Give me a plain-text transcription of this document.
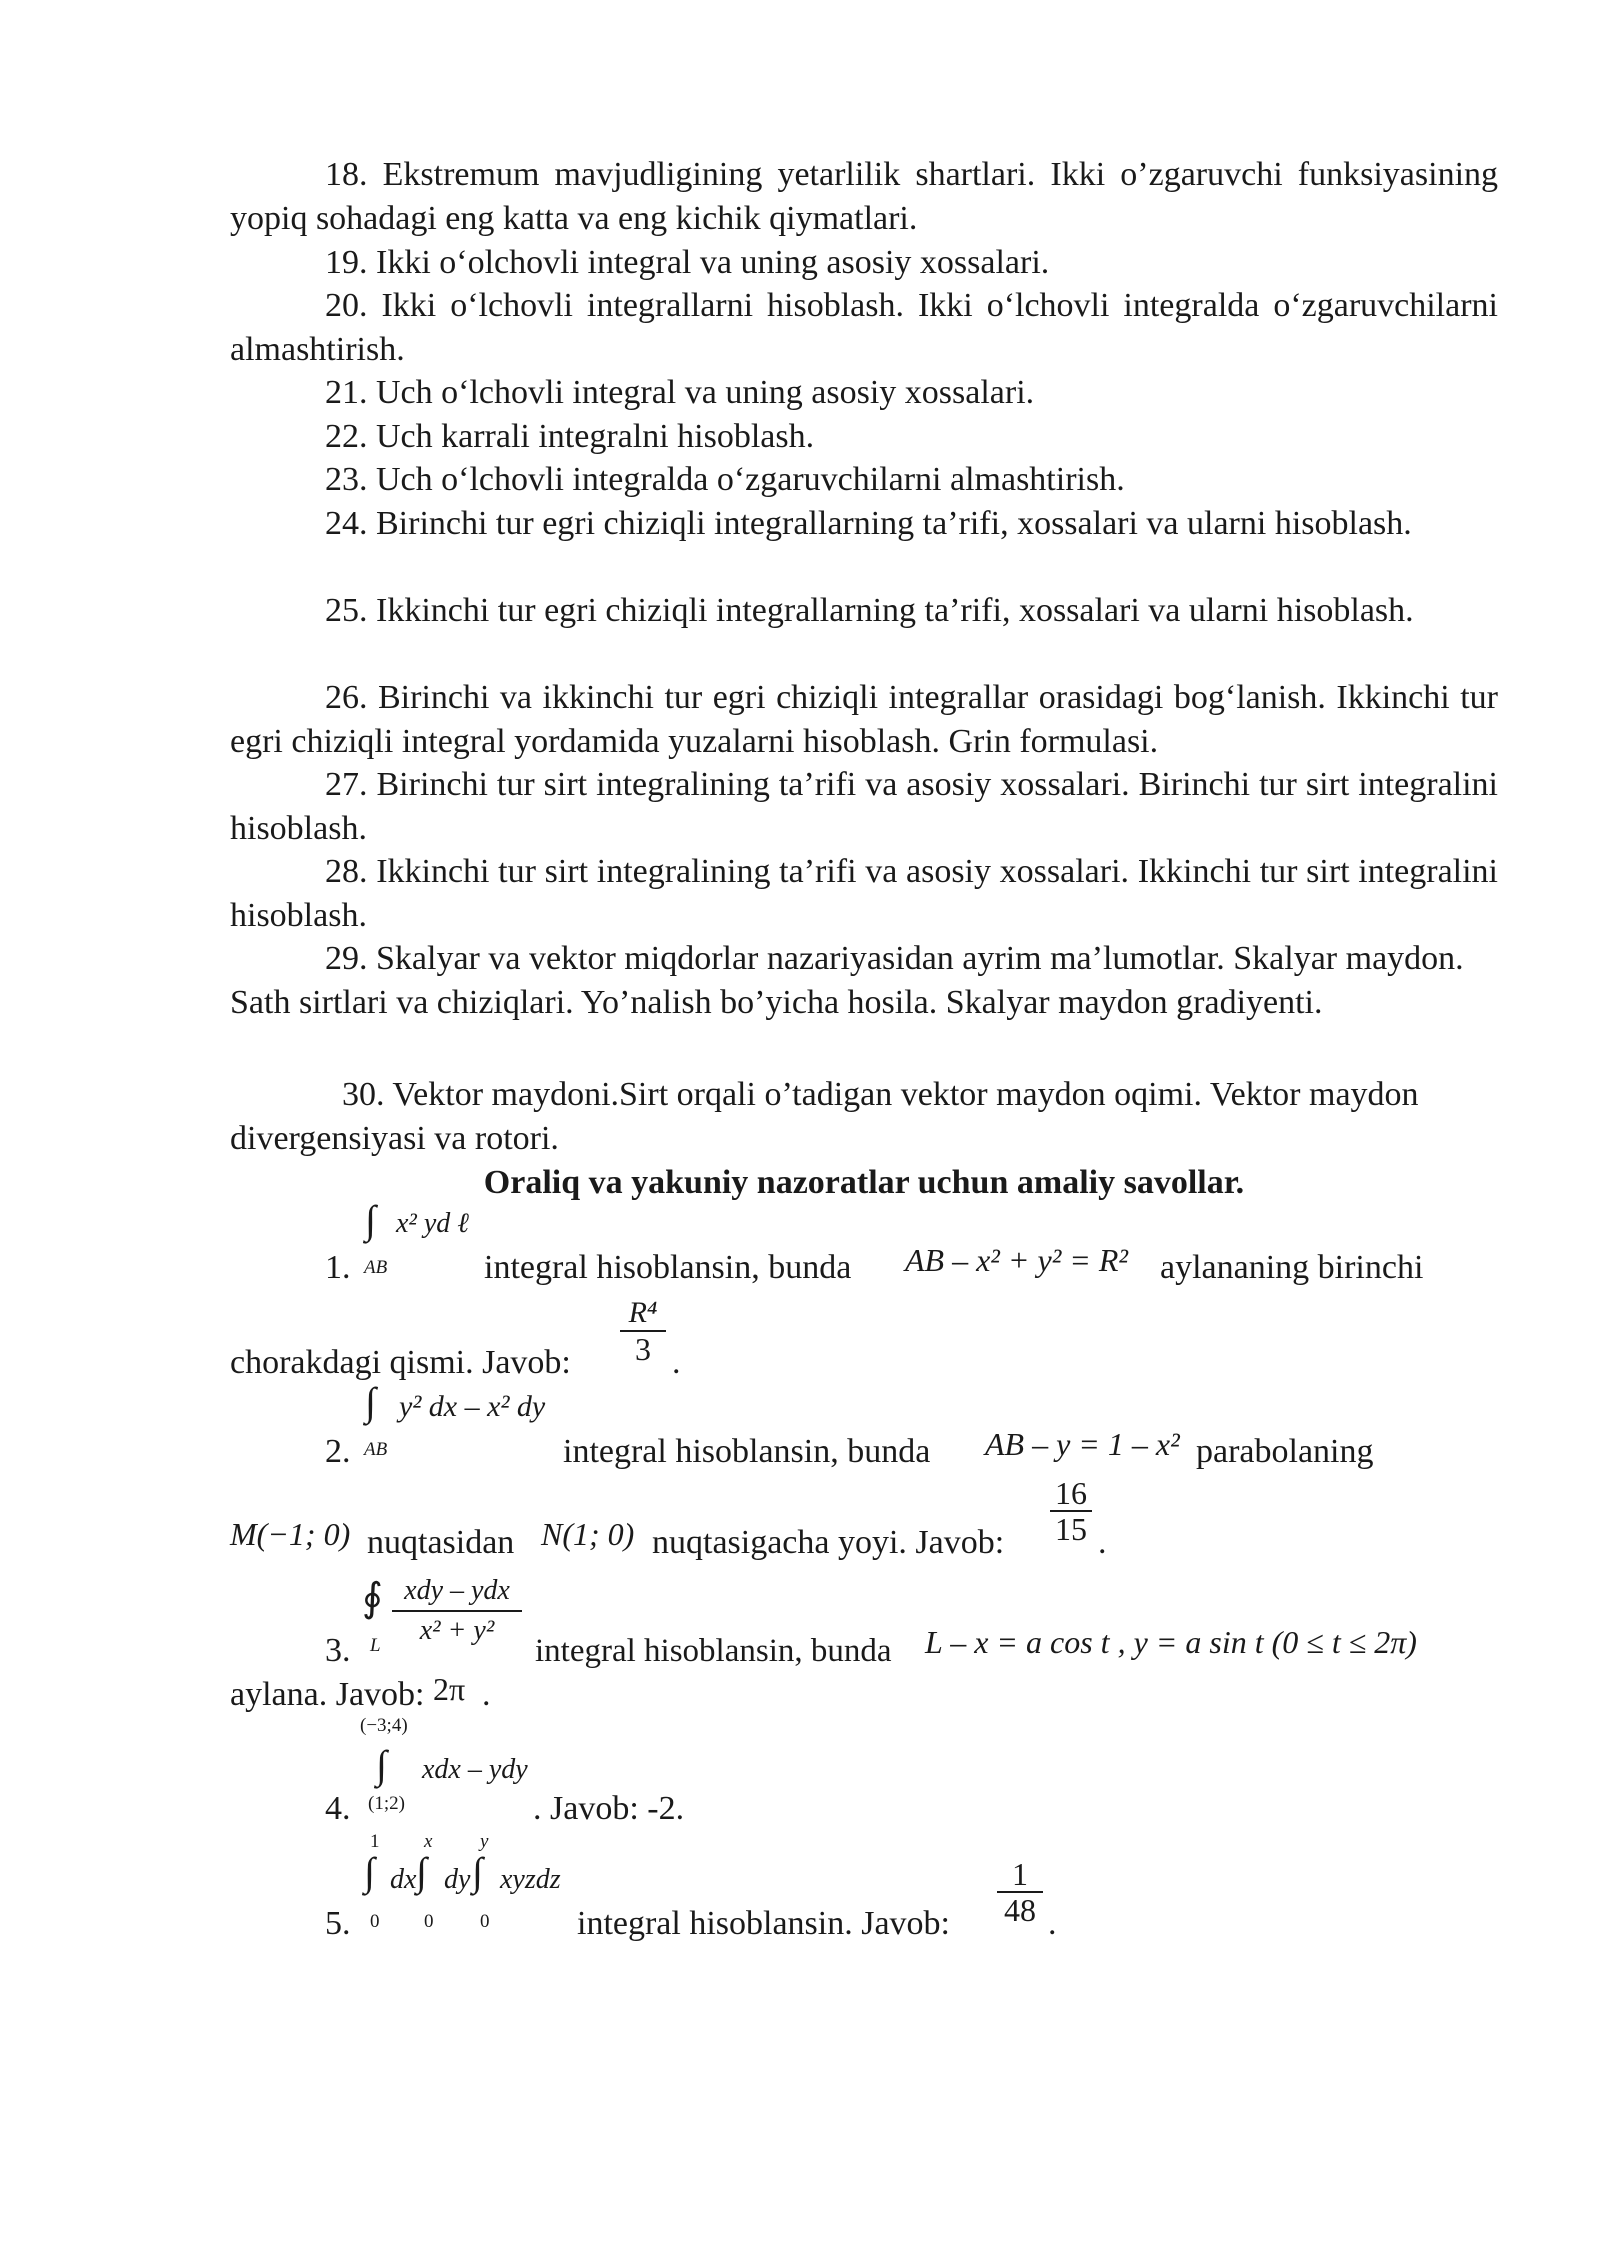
18. Ekstremum mavjudligining yetarlilik shartlari. Ikki o’zgaruvchi funksiyasining yopiq sohadagi eng katta va eng kichik qiymatlari.
19. Ikki oʻolchovli integral va uning asosiy xossalari.
20. Ikki oʻlchovli integrallarni hisoblash. Ikki oʻlchovli integralda oʻzgaruvchilarni almashtirish.
21. Uch oʻlchovli integral va uning asosiy xossalari.
22. Uch karrali integralni hisoblash.
23. Uch oʻlchovli integralda oʻzgaruvchilarni almashtirish.
24. Birinchi tur egri chiziqli integrallarning ta’rifi, xossalari va ularni hisoblash.
25. Ikkinchi tur egri chiziqli integrallarning ta’rifi, xossalari va ularni hisoblash.
26. Birinchi va ikkinchi tur egri chiziqli integrallar orasidagi bogʻlanish. Ikkinchi tur egri chiziqli integral yordamida yuzalarni hisoblash. Grin formulasi.
27. Birinchi tur sirt integralining ta’rifi va asosiy xossalari. Birinchi tur sirt integralini hisoblash.
28. Ikkinchi tur sirt integralining ta’rifi va asosiy xossalari. Ikkinchi tur sirt integralini hisoblash.
29. Skalyar va vektor miqdorlar nazariyasidan ayrim ma’lumotlar. Skalyar maydon. Sath sirtlari va chiziqlari. Yo’nalish bo’yicha hosila. Skalyar maydon gradiyenti.
30. Vektor maydoni.Sirt orqali o’tadigan vektor maydon oqimi. Vektor maydon divergensiyasi va rotori.
Oraliq va yakuniy nazoratlar uchun amaliy savollar.
1.
∫ x² yd ℓ
AB	integral hisoblansin, bunda AB – x² + y² = R² aylananing birinchi
chorakdagi qismi. Javob: $\frac{\text{R⁴}}{3}$ .
2.
∫ y² dx – x² dy
AB	integral hisoblansin, bunda AB – y = 1 – x² parabolaning
M(−1; 0) nuqtasidan N(1; 0) nuqtasigacha yoyi. Javob: $\frac{16}{15}$ .
3.
∮
L
xdy – ydx
x² + y²
integral hisoblansin, bunda L – x = a cos t , y = a sin t (0 ≤ t ≤ 2π)
aylana. Javob: 2π .
4.
(−3;4)
∫
(1;2)
xdx – ydy
. Javob: -2.
5.
1
∫
0
dx
x
∫
0
dy
y
∫
0
xyzdz
integral hisoblansin. Javob: $\frac{1}{48}$ .
